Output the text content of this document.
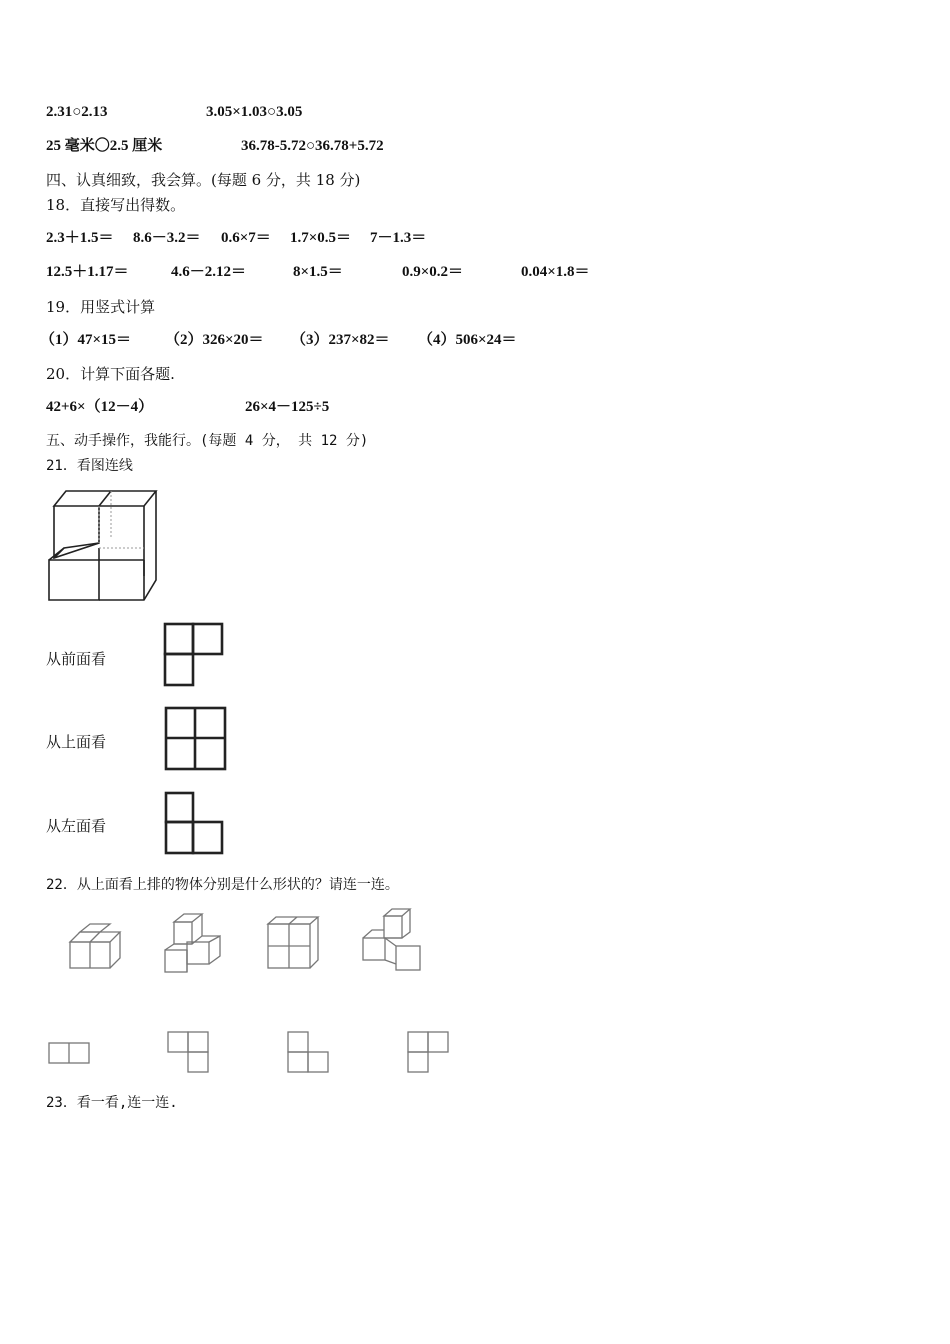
2.31○2.13	3.05×1.03○3.05
25 毫米〇2.5 厘米	36.78-5.72○36.78+5.72
四、认真细致，我会算。(每题 6 分，共 18 分)
18．直接写出得数。
2.3＋1.5＝ 8.6－3.2＝ 0.6×7＝ 1.7×0.5＝ 7－1.3＝
12.5＋1.17＝	4.6－2.12＝	8×1.5＝	0.9×0.2＝	0.04×1.8＝
19．用竖式计算
（1）47×15＝ （2）326×20＝ （3）237×82＝ （4）506×24＝
20．计算下面各题.
42+6×（12－4）	26×4－125÷5
五、动手操作，我能行。(每题 4 分， 共 12 分)
21．看图连线
从前面看
从上面看
从左面看
22．从上面看上排的物体分别是什么形状的？请连一连。
23．看一看,连一连.
